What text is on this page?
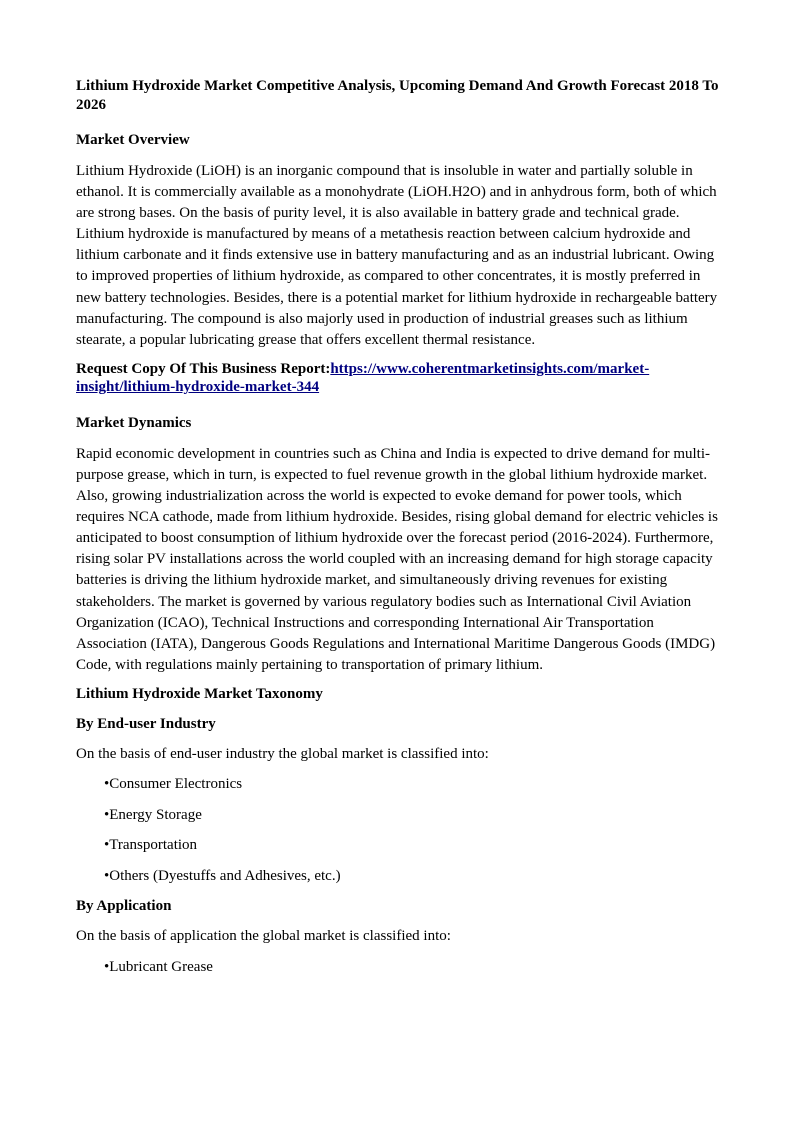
Lithium Hydroxide Market Competitive Analysis, Upcoming Demand And Growth Forecast 2018 To 2026
Market Overview
Lithium Hydroxide (LiOH) is an inorganic compound that is insoluble in water and partially soluble in ethanol. It is commercially available as a monohydrate (LiOH.H2O) and in anhydrous form, both of which are strong bases. On the basis of purity level, it is also available in battery grade and technical grade. Lithium hydroxide is manufactured by means of a metathesis reaction between calcium hydroxide and lithium carbonate and it finds extensive use in battery manufacturing and as an industrial lubricant. Owing to improved properties of lithium hydroxide, as compared to other concentrates, it is mostly preferred in new battery technologies. Besides, there is a potential market for lithium hydroxide in rechargeable battery manufacturing. The compound is also majorly used in production of industrial greases such as lithium stearate, a popular lubricating grease that offers excellent thermal resistance.
Request Copy Of This Business Report:https://www.coherentmarketinsights.com/market-insight/lithium-hydroxide-market-344
Market Dynamics
Rapid economic development in countries such as China and India is expected to drive demand for multi-purpose grease, which in turn, is expected to fuel revenue growth in the global lithium hydroxide market. Also, growing industrialization across the world is expected to evoke demand for power tools, which requires NCA cathode, made from lithium hydroxide. Besides, rising global demand for electric vehicles is anticipated to boost consumption of lithium hydroxide over the forecast period (2016-2024). Furthermore, rising solar PV installations across the world coupled with an increasing demand for high storage capacity batteries is driving the lithium hydroxide market, and simultaneously driving revenues for existing stakeholders. The market is governed by various regulatory bodies such as International Civil Aviation Organization (ICAO), Technical Instructions and corresponding International Air Transportation Association (IATA), Dangerous Goods Regulations and International Maritime Dangerous Goods (IMDG) Code, with regulations mainly pertaining to transportation of primary lithium.
Lithium Hydroxide Market Taxonomy
By End-user Industry
On the basis of end-user industry the global market is classified into:
•Consumer Electronics
•Energy Storage
•Transportation
•Others (Dyestuffs and Adhesives, etc.)
By Application
On the basis of application the global market is classified into:
•Lubricant Grease
